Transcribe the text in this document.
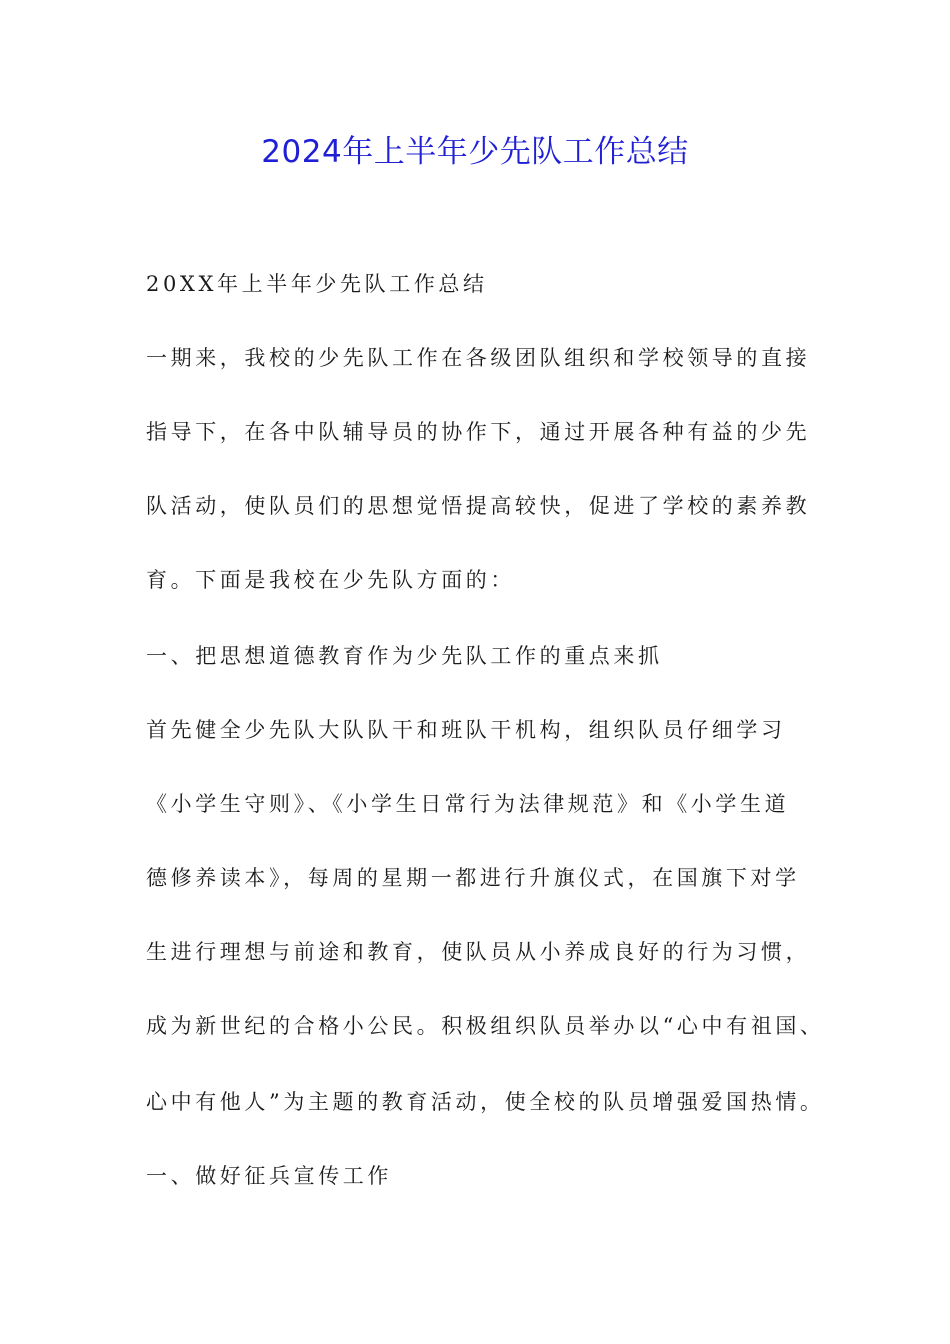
2024年上半年少先队工作总结

20XX年上半年少先队工作总结

一期来，我校的少先队工作在各级团队组织和学校领导的直接

指导下，在各中队辅导员的协作下，通过开展各种有益的少先

队活动，使队员们的思想觉悟提高较快，促进了学校的素养教

育。下面是我校在少先队方面的：

一、把思想道德教育作为少先队工作的重点来抓

首先健全少先队大队队干和班队干机构，组织队员仔细学习

《小学生守则》、《小学生日常行为法律规范》和《小学生道

德修养读本》，每周的星期一都进行升旗仪式，在国旗下对学

生进行理想与前途和教育，使队员从小养成良好的行为习惯，

成为新世纪的合格小公民。积极组织队员举办以“心中有祖国、

心中有他人”为主题的教育活动，使全校的队员增强爱国热情。

一、做好征兵宣传工作
